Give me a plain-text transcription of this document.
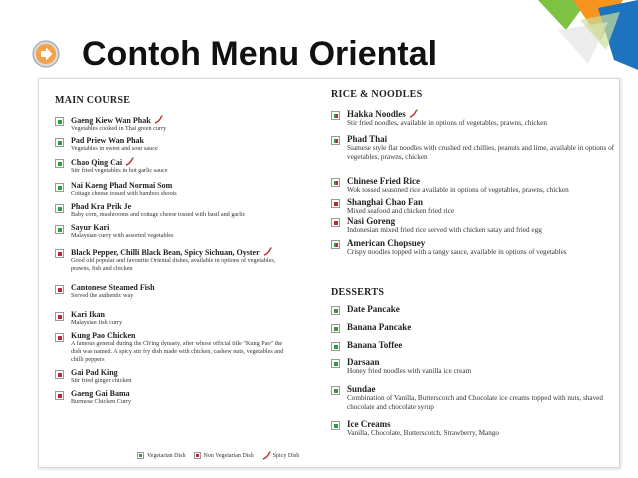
Contoh Menu Oriental
MAIN COURSE
Gaeng Kiew Wan Phak
Vegetables cooked in Thai green curry
Pad Priew Wan Phak
Vegetables in sweet and sour sauce
Chao Qing Cai
Stir fried vegetables in hot garlic sauce
Nai Kaeng Phad Normai Som
Cottage cheese tossed with bamboo shoots
Phad Kra Prik Je
Baby corn, mushrooms and cottage cheese tossed with basil and garlic
Sayur Kari
Malaysian curry with assorted vegetables
Black Pepper, Chilli Black Bean, Spicy Sichuan, Oyster
Good old popular and favourite Oriental dishes, available in options of vegetables, prawns, fish and chicken
Cantonese Steamed Fish
Served the authentic way
Kari Ikan
Malaysian fish curry
Kung Pao Chicken
A famous general during the Ch'ing dynasty, after whose official title "Kung Pao" the dish was named. A spicy stir fry dish made with chicken, cashew nuts, vegetables and chilli peppers
Gai Pad King
Stir fried ginger chicken
Gaeng Gai Bama
Burmese Chicken Curry
RICE & NOODLES
Hakka Noodles
Stir fried noodles, available in options of vegetables, prawns, chicken
Phad Thai
Siamese style flat noodles with crushed red chillies, peanuts and lime, available in options of vegetables, prawns, chicken
Chinese Fried Rice
Wok tossed seasoned rice available in options of vegetables, prawns, chicken
Shanghai Chao Fan
Mixed seafood and chicken fried rice
Nasi Goreng
Indonesian mixed fried rice served with chicken satay and fried egg
American Chopsuey
Crispy noodles topped with a tangy sauce, available in options of vegetables
DESSERTS
Date Pancake
Banana Pancake
Banana Toffee
Darsaan
Honey fried noodles with vanilla ice cream
Sundae
Combination of Vanilla, Butterscotch and Chocolate ice creams topped with nuts, shaved chocolate and chocolate syrup
Ice Creams
Vanilla, Chocolate, Butterscotch, Strawberry, Mango
Vegetarian Dish	Non Vegetarian Dish	Spicy Dish
